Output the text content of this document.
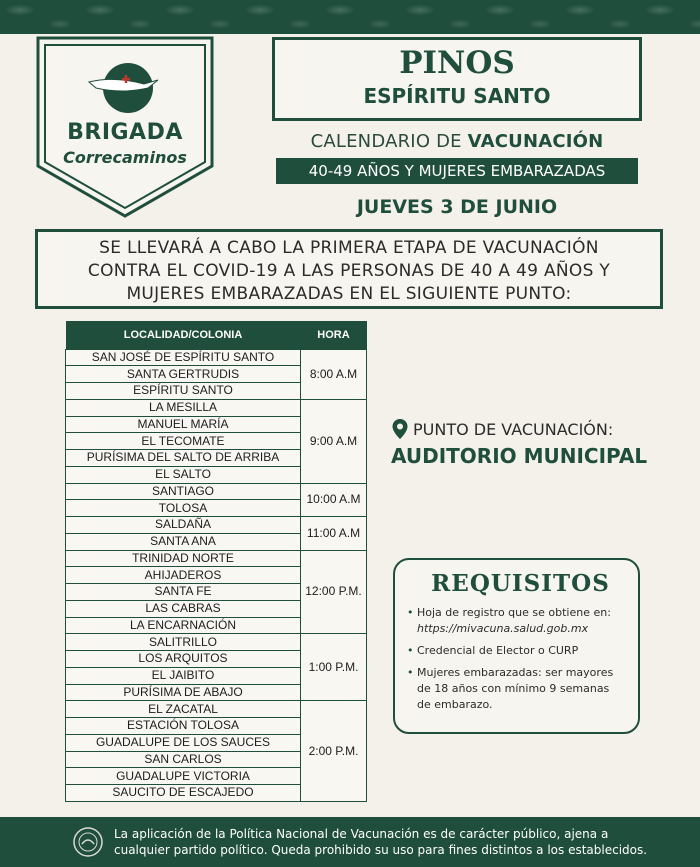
BRIGADA
Correcaminos
PINOS
ESPÍRITU SANTO
CALENDARIO DE VACUNACIÓN
40-49 AÑOS Y MUJERES EMBARAZADAS
JUEVES 3 DE JUNIO
SE LLEVARÁ A CABO LA PRIMERA ETAPA DE VACUNACIÓN
CONTRA EL COVID-19 A LAS PERSONAS DE 40 A 49 AÑOS Y
MUJERES EMBARAZADAS EN EL SIGUIENTE PUNTO:
LOCALIDAD/COLONIA	HORA
SAN JOSÉ DE ESPÍRITU SANTO	8:00 A.M
SANTA GERTRUDIS	
ESPÍRITU SANTO	
LA MESILLA	9:00 A.M
MANUEL MARÍA	
EL TECOMATE	
PURÍSIMA DEL SALTO DE ARRIBA	
EL SALTO	
SANTIAGO	10:00 A.M
TOLOSA	
SALDAÑA	11:00 A.M
SANTA ANA	
TRINIDAD NORTE	12:00 P.M.
AHIJADEROS	
SANTA FE	
LAS CABRAS	
LA ENCARNACIÓN	
SALITRILLO	1:00 P.M.
LOS ARQUITOS	
EL JAIBITO	
PURÍSIMA DE ABAJO	
EL ZACATAL	2:00 P.M.
ESTACIÓN TOLOSA	
GUADALUPE DE LOS SAUCES	
SAN CARLOS	
GUADALUPE VICTORIA	
SAUCITO DE ESCAJEDO	
PUNTO DE VACUNACIÓN:
AUDITORIO MUNICIPAL
REQUISITOS
• Hoja de registro que se obtiene en: https://mivacuna.salud.gob.mx
• Credencial de Elector o CURP
• Mujeres embarazadas: ser mayores de 18 años con mínimo 9 semanas de embarazo.
La aplicación de la Política Nacional de Vacunación es de carácter público, ajena a
cualquier partido político. Queda prohibido su uso para fines distintos a los establecidos.
